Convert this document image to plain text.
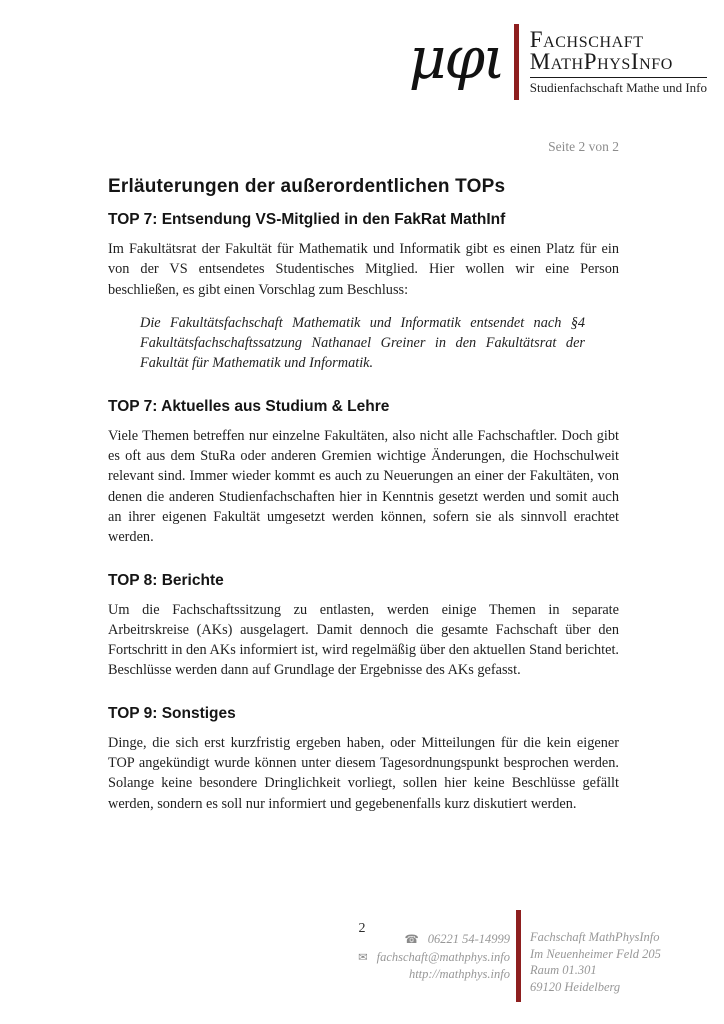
μφι Fachschaft
MathPhysInfo
Studienfachschaft Mathe und Info
Seite 2 von 2
Erläuterungen der außerordentlichen TOPs
TOP 7: Entsendung VS-Mitglied in den FakRat MathInf

Im Fakultätsrat der Fakultät für Mathematik und Informatik gibt es einen Platz für ein von der VS entsendetes Studentisches Mitglied. Hier wollen wir eine Person beschließen, es gibt einen Vorschlag zum Beschluss:

Die Fakultätsfachschaft Mathematik und Informatik entsendet nach §4 Fakultätsfachschaftssatzung Nathanael Greiner in den Fakultätsrat der Fakultät für Mathematik und Informatik.

TOP 7: Aktuelles aus Studium & Lehre

Viele Themen betreffen nur einzelne Fakultäten, also nicht alle Fachschaftler. Doch gibt es oft aus dem StuRa oder anderen Gremien wichtige Änderungen, die Hochschulweit relevant sind. Immer wieder kommt es auch zu Neuerungen an einer der Fakultäten, von denen die anderen Studienfachschaften hier in Kenntnis gesetzt werden und somit auch an ihrer eigenen Fakultät umgesetzt werden können, sofern sie als sinnvoll erachtet werden.

TOP 8: Berichte

Um die Fachschaftssitzung zu entlasten, werden einige Themen in separate Arbeitrskreise (AKs) ausgelagert. Damit dennoch die gesamte Fachschaft über den Fortschritt in den AKs informiert ist, wird regelmäßig über den aktuellen Stand berichtet. Beschlüsse werden dann auf Grundlage der Ergebnisse des AKs gefasst.

TOP 9: Sonstiges

Dinge, die sich erst kurzfristig ergeben haben, oder Mitteilungen für die kein eigener TOP angekündigt wurde können unter diesem Tagesordnungspunkt besprochen werden. Solange keine besondere Dringlichkeit vorliegt, sollen hier keine Beschlüsse gefällt werden, sondern es soll nur informiert und gegebenenfalls kurz diskutiert werden.

2
☎ 06221 54-14999
✉ fachschaft@mathphys.info
http://mathphys.info
Fachschaft MathPhysInfo
Im Neuenheimer Feld 205
Raum 01.301
69120 Heidelberg
